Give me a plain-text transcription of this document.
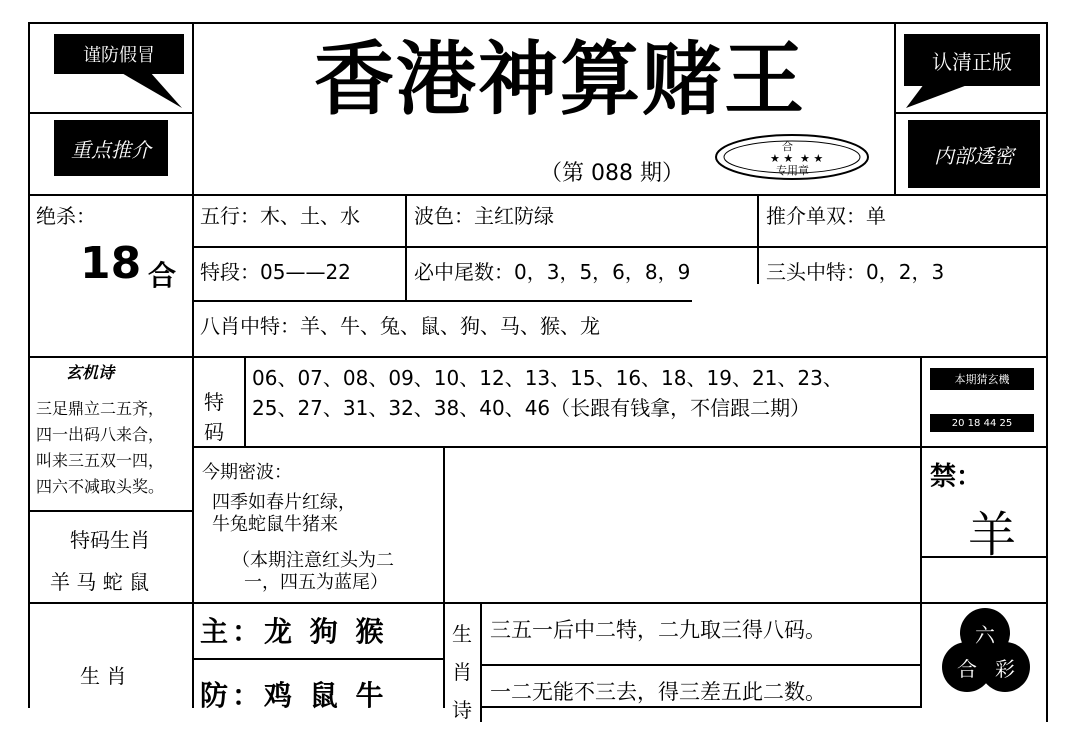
谨防假冒	认清正版
香港神算赌王
重点推介	内部透密
（第 088 期）
★ ★ ★ ★
合
专用章
绝杀：
18 合
五行：木、土、水	波色：主红防绿	推介单双：单
特段：05——22	必中尾数：0，3，5，6，8，9	三头中特：0，2，3
八肖中特：羊、牛、兔、鼠、狗、马、猴、龙
玄机诗
三足鼎立二五齐，
四一出码八来合，
叫来三五双一四，
四六不减取头奖。
特
码
06、07、08、09、10、12、13、15、16、18、19、21、23、
25、27、31、32、38、40、46（长跟有钱拿，不信跟二期）
本期猜玄機
20 18 44 25
特码生肖
羊 马 蛇 鼠
今期密波：
四季如春片红绿，
牛兔蛇鼠牛猪来
（本期注意红头为二
一，四五为蓝尾）
禁：
羊
生 肖
主：龙 狗 猴
防：鸡 鼠 牛
生
肖
诗
三五一后中二特，二九取三得八码。
一二无能不三去，得三差五此二数。
六
合 彩
